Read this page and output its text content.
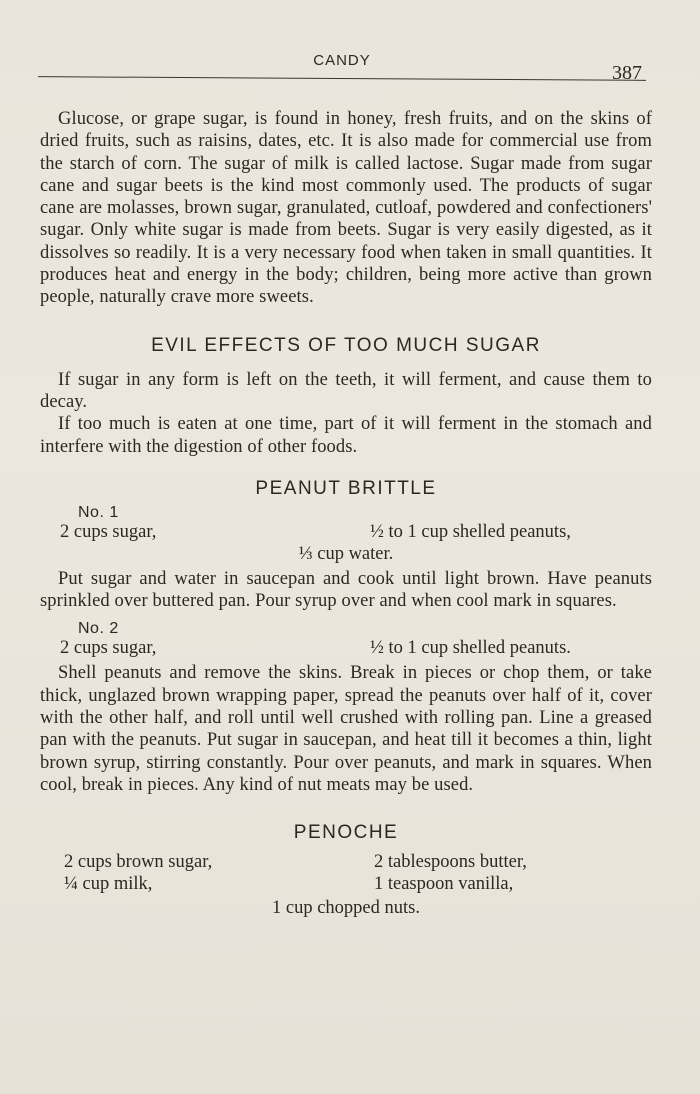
CANDY
387

Glucose, or grape sugar, is found in honey, fresh fruits, and on the skins of dried fruits, such as raisins, dates, etc. It is also made for commercial use from the starch of corn. The sugar of milk is called lactose. Sugar made from sugar cane and sugar beets is the kind most commonly used. The products of sugar cane are molasses, brown sugar, granulated, cutloaf, powdered and confectioners' sugar. Only white sugar is made from beets. Sugar is very easily digested, as it dissolves so readily. It is a very necessary food when taken in small quantities. It produces heat and energy in the body; children, being more active than grown people, naturally crave more sweets.

EVIL EFFECTS OF TOO MUCH SUGAR

If sugar in any form is left on the teeth, it will ferment, and cause them to decay.

If too much is eaten at one time, part of it will ferment in the stomach and interfere with the digestion of other foods.

PEANUT BRITTLE
No. 1
2 cups sugar,	½ to 1 cup shelled peanuts,
⅓ cup water.

Put sugar and water in saucepan and cook until light brown. Have peanuts sprinkled over buttered pan. Pour syrup over and when cool mark in squares.

No. 2
2 cups sugar,	½ to 1 cup shelled peanuts.

Shell peanuts and remove the skins. Break in pieces or chop them, or take thick, unglazed brown wrapping paper, spread the peanuts over half of it, cover with the other half, and roll until well crushed with rolling pan. Line a greased pan with the peanuts. Put sugar in saucepan, and heat till it becomes a thin, light brown syrup, stirring constantly. Pour over peanuts, and mark in squares. When cool, break in pieces. Any kind of nut meats may be used.

PENOCHE
2 cups brown sugar,	2 tablespoons butter,
¼ cup milk,	1 teaspoon vanilla,
1 cup chopped nuts.
